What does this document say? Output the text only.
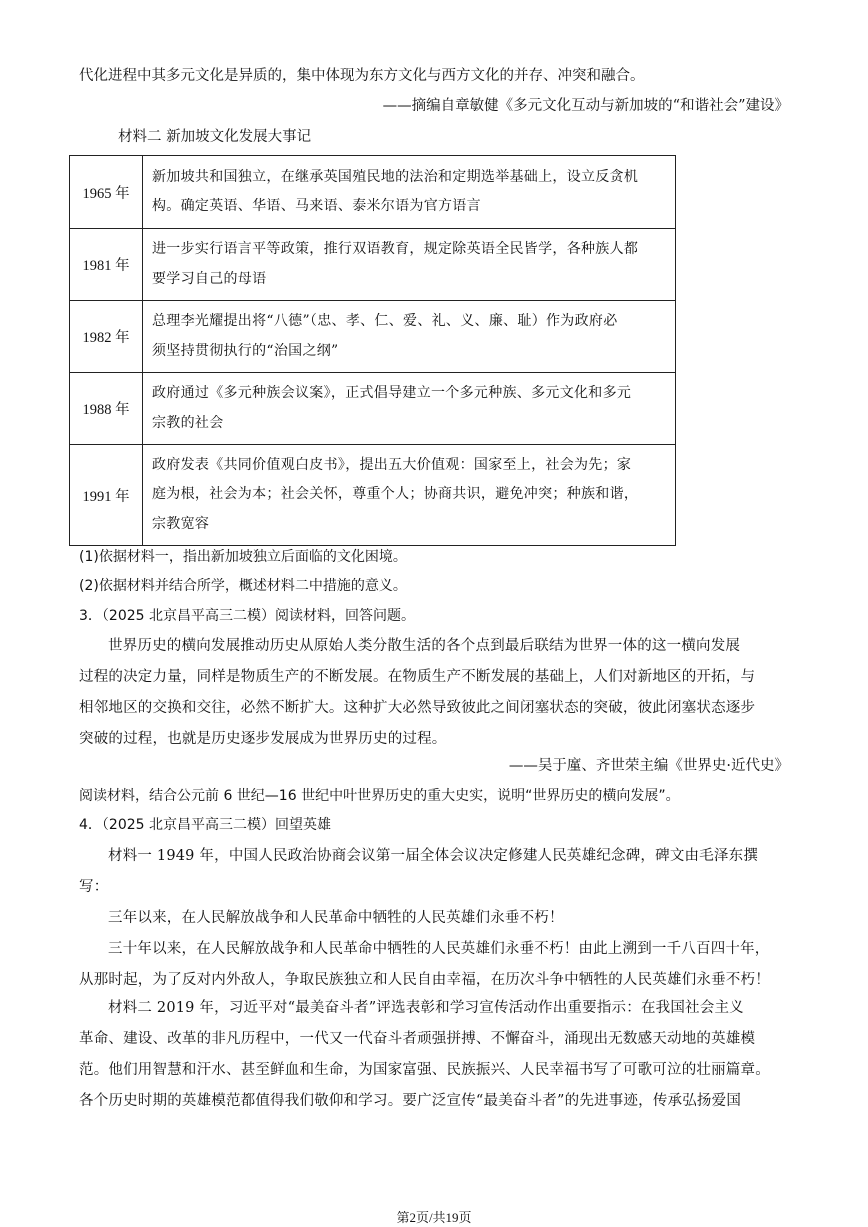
代化进程中其多元文化是异质的，集中体现为东方文化与西方文化的并存、冲突和融合。
——摘编自章敏健《多元文化互动与新加坡的“和谐社会”建设》
材料二 新加坡文化发展大事记
1965 年	新加坡共和国独立，在继承英国殖民地的法治和定期选举基础上，设立反贪机
构。确定英语、华语、马来语、泰米尔语为官方语言

1981 年	进一步实行语言平等政策，推行双语教育，规定除英语全民皆学，各种族人都
要学习自己的母语

1982 年	总理李光耀提出将“八德”（忠、孝、仁、爱、礼、义、廉、耻）作为政府必
须坚持贯彻执行的“治国之纲”

1988 年	政府通过《多元种族会议案》，正式倡导建立一个多元种族、多元文化和多元
宗教的社会

1991 年	政府发表《共同价值观白皮书》，提出五大价值观：国家至上，社会为先；家
庭为根，社会为本；社会关怀，尊重个人；协商共识，避免冲突；种族和谐，
宗教宽容
(1)依据材料一，指出新加坡独立后面临的文化困境。
(2)依据材料并结合所学，概述材料二中措施的意义。
3．（2025 北京昌平高三二模）阅读材料，回答问题。
世界历史的横向发展推动历史从原始人类分散生活的各个点到最后联结为世界一体的这一横向发展
过程的决定力量，同样是物质生产的不断发展。在物质生产不断发展的基础上，人们对新地区的开拓，与
相邻地区的交换和交往，必然不断扩大。这种扩大必然导致彼此之间闭塞状态的突破，彼此闭塞状态逐步
突破的过程，也就是历史逐步发展成为世界历史的过程。
——吴于廑、齐世荣主编《世界史·近代史》
阅读材料，结合公元前 6 世纪—16 世纪中叶世界历史的重大史实，说明“世界历史的横向发展”。
4．（2025 北京昌平高三二模）回望英雄
材料一 1949 年，中国人民政治协商会议第一届全体会议决定修建人民英雄纪念碑，碑文由毛泽东撰
写：
三年以来，在人民解放战争和人民革命中牺牲的人民英雄们永垂不朽！
三十年以来，在人民解放战争和人民革命中牺牲的人民英雄们永垂不朽！由此上溯到一千八百四十年，
从那时起，为了反对内外敌人，争取民族独立和人民自由幸福，在历次斗争中牺牲的人民英雄们永垂不朽！
材料二 2019 年，习近平对“最美奋斗者”评选表彰和学习宣传活动作出重要指示：在我国社会主义
革命、建设、改革的非凡历程中，一代又一代奋斗者顽强拼搏、不懈奋斗，涌现出无数感天动地的英雄模
范。他们用智慧和汗水、甚至鲜血和生命，为国家富强、民族振兴、人民幸福书写了可歌可泣的壮丽篇章。
各个历史时期的英雄模范都值得我们敬仰和学习。要广泛宣传“最美奋斗者”的先进事迹，传承弘扬爱国
第2页/共19页
